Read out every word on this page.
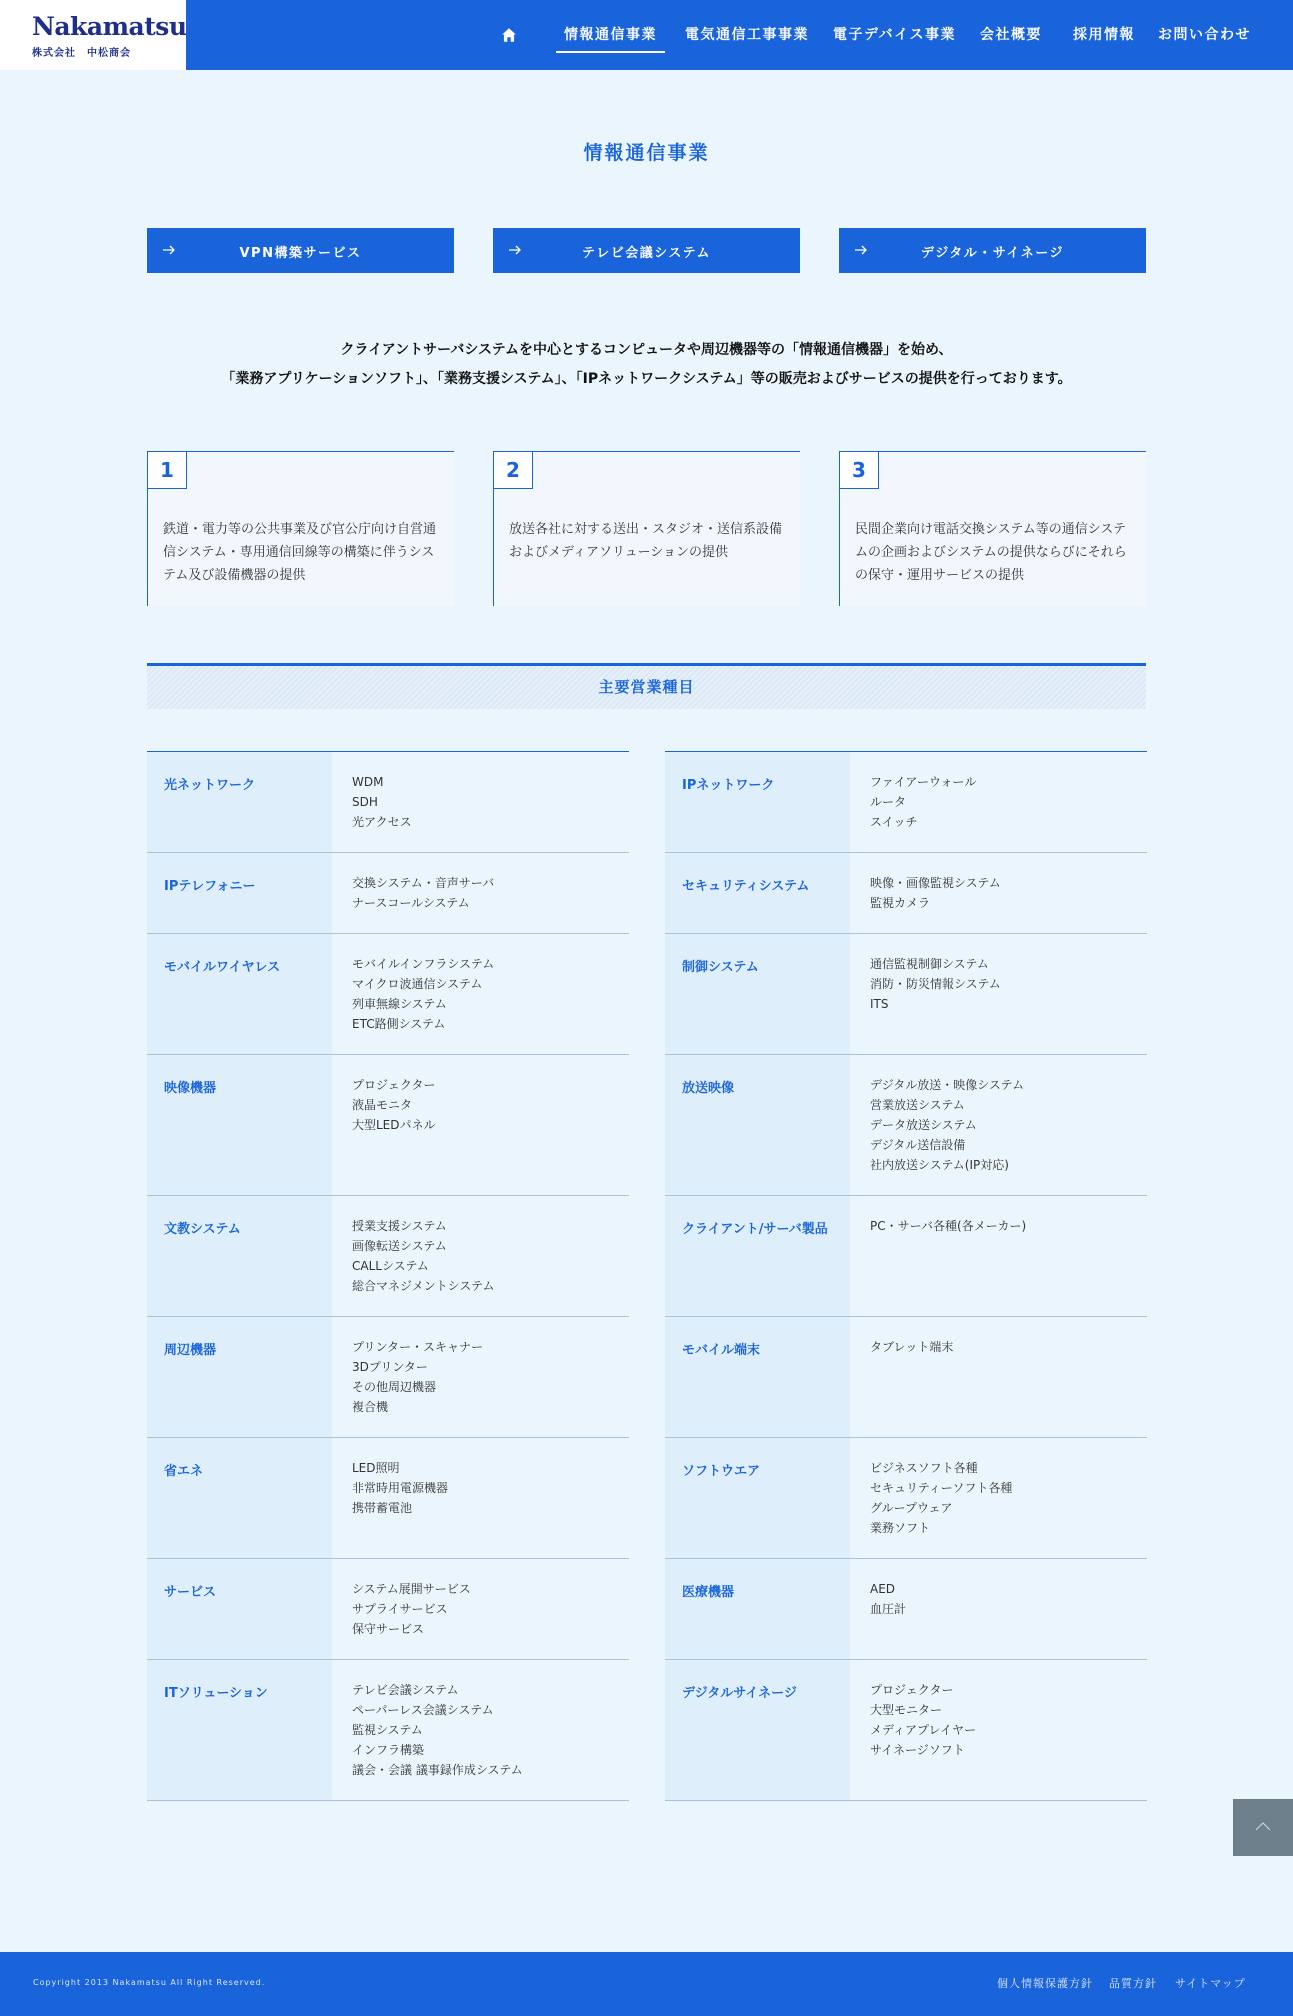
Nakamatsu
株式会社　中松商会
情報通信事業 電気通信工事事業 電子デバイス事業 会社概要 採用情報 お問い合わせ
情報通信事業
VPN構築サービス	テレビ会議システム	デジタル・サイネージ
クライアントサーバシステムを中心とするコンピュータや周辺機器等の「情報通信機器」を始め、
「業務アプリケーションソフト」、「業務支援システム」、「IPネットワークシステム」等の販売およびサービスの提供を行っております。
1
鉄道・電力等の公共事業及び官公庁向け自営通信システム・専用通信回線等の構築に伴うシステム及び設備機器の提供
2
放送各社に対する送出・スタジオ・送信系設備およびメディアソリューションの提供
3
民間企業向け電話交換システム等の通信システムの企画およびシステムの提供ならびにそれらの保守・運用サービスの提供
主要営業種目
光ネットワーク	WDM
SDH
光アクセス
IPテレフォニー	交換システム・音声サーバ
ナースコールシステム
モバイルワイヤレス	モバイルインフラシステム
マイクロ波通信システム
列車無線システム
ETC路側システム
映像機器	プロジェクター
液晶モニタ
大型LEDパネル
文教システム	授業支援システム
画像転送システム
CALLシステム
総合マネジメントシステム
周辺機器	プリンター・スキャナー
3Dプリンター
その他周辺機器
複合機
省エネ	LED照明
非常時用電源機器
携帯蓄電池
サービス	システム展開サービス
サプライサービス
保守サービス
ITソリューション	テレビ会議システム
ペーパーレス会議システム
監視システム
インフラ構築
議会・会議 議事録作成システム
IPネットワーク	ファイアーウォール
ルータ
スイッチ
セキュリティシステム	映像・画像監視システム
監視カメラ
制御システム	通信監視制御システム
消防・防災情報システム
ITS
放送映像	デジタル放送・映像システム
営業放送システム
データ放送システム
デジタル送信設備
社内放送システム(IP対応)
クライアント/サーバ製品	PC・サーバ各種(各メーカー)
モバイル端末	タブレット端末
ソフトウエア	ビジネスソフト各種
セキュリティーソフト各種
グループウェア
業務ソフト
医療機器	AED
血圧計
デジタルサイネージ	プロジェクター
大型モニター
メディアプレイヤー
サイネージソフト
Copyright 2013 Nakamatsu All Right Reserved.	個人情報保護方針 品質方針 サイトマップ
